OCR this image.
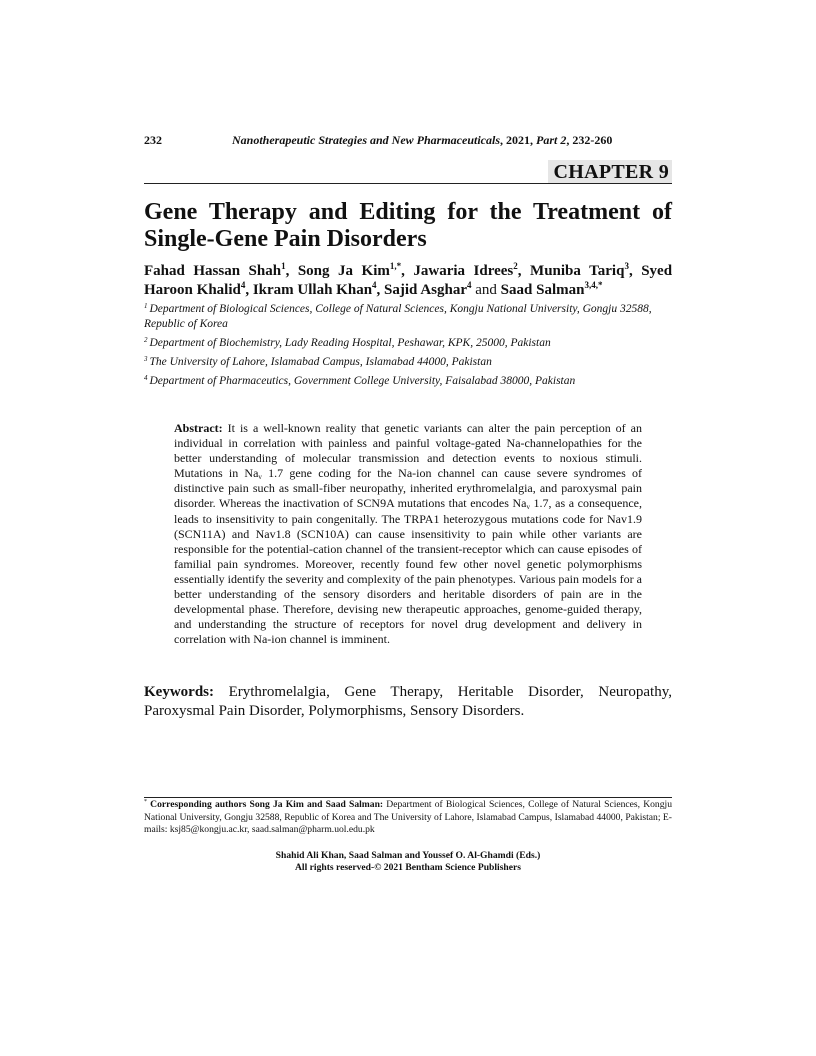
232	Nanotherapeutic Strategies and New Pharmaceuticals, 2021, Part 2, 232-260
CHAPTER 9
Gene Therapy and Editing for the Treatment of
Single-Gene Pain Disorders
Fahad Hassan Shah$^1$, Song Ja Kim$^{1,*}$, Jawaria Idrees$^2$, Muniba Tariq$^3$, Syed
Haroon Khalid$^4$, Ikram Ullah Khan$^4$, Sajid Asghar$^4$ and Saad Salman$^{3,4,*}$
$^1$ Department of Biological Sciences, College of Natural Sciences, Kongju National University, Gongju 32588, Republic of Korea
$^2$ Department of Biochemistry, Lady Reading Hospital, Peshawar, KPK, 25000, Pakistan
$^3$ The University of Lahore, Islamabad Campus, Islamabad 44000, Pakistan
$^4$ Department of Pharmaceutics, Government College University, Faisalabad 38000, Pakistan
Abstract: It is a well-known reality that genetic variants can alter the pain perception of an individual in correlation with painless and painful voltage-gated Na-channelopathies for the better understanding of molecular transmission and detection events to noxious stimuli. Mutations in $Na_v$ 1.7 gene coding for the Na-ion channel can cause severe syndromes of distinctive pain such as small-fiber neuropathy, inherited erythromelalgia, and paroxysmal pain disorder. Whereas the inactivation of SCN9A mutations that encodes $Na_v$ 1.7, as a consequence, leads to insensitivity to pain congenitally. The TRPA1 heterozygous mutations code for Nav1.9 (SCN11A) and Nav1.8 (SCN10A) can cause insensitivity to pain while other variants are responsible for the potential-cation channel of the transient-receptor which can cause episodes of familial pain syndromes. Moreover, recently found few other novel genetic polymorphisms essentially identify the severity and complexity of the pain phenotypes. Various pain models for a better understanding of the sensory disorders and heritable disorders of pain are in the developmental phase. Therefore, devising new therapeutic approaches, genome-guided therapy, and understanding the structure of receptors for novel drug development and delivery in correlation with Na-ion channel is imminent.
Keywords: Erythromelalgia, Gene Therapy, Heritable Disorder, Neuropathy, Paroxysmal Pain Disorder, Polymorphisms, Sensory Disorders.
* Corresponding authors Song Ja Kim and Saad Salman: Department of Biological Sciences, College of Natural Sciences, Kongju National University, Gongju 32588, Republic of Korea and The University of Lahore, Islamabad Campus, Islamabad 44000, Pakistan; E-mails: ksj85@kongju.ac.kr, saad.salman@pharm.uol.edu.pk
Shahid Ali Khan, Saad Salman and Youssef O. Al-Ghamdi (Eds.)
All rights reserved-© 2021 Bentham Science Publishers
